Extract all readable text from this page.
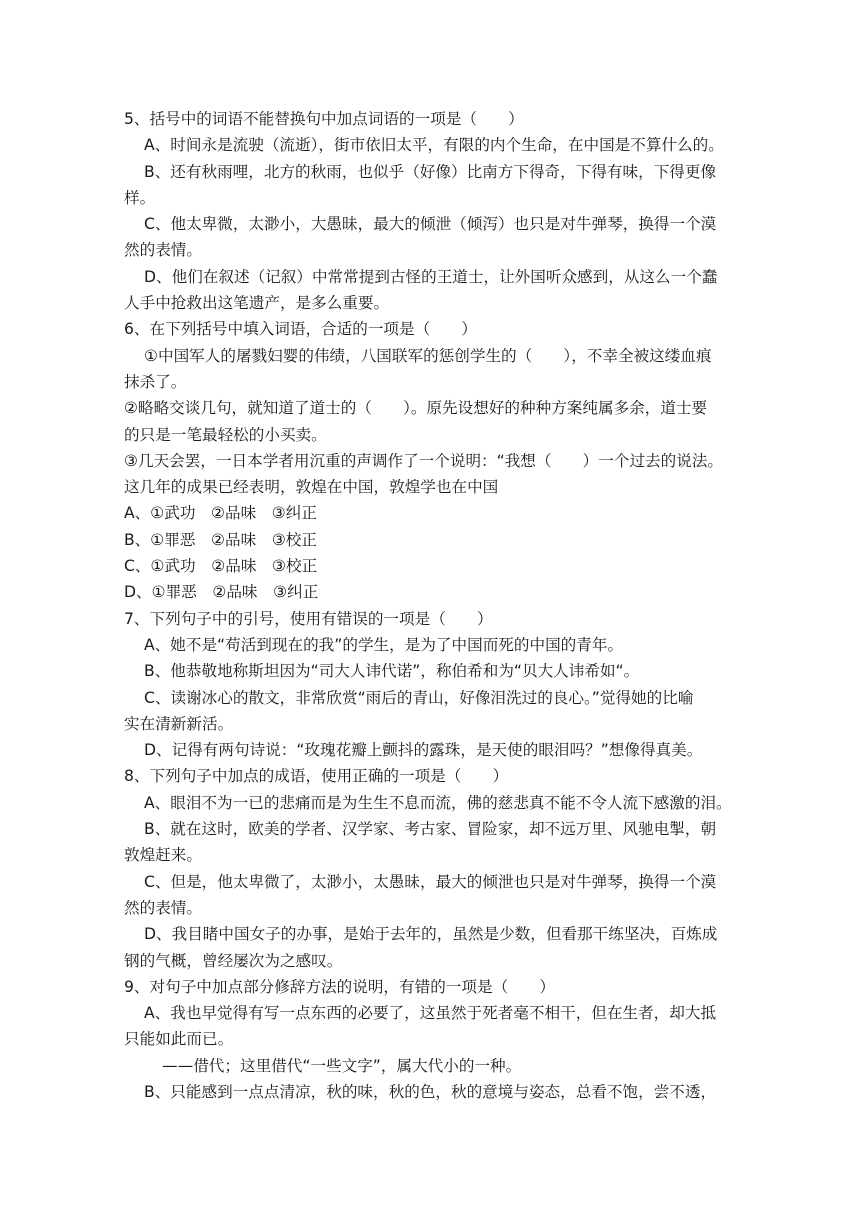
5、括号中的词语不能替换句中加点词语的一项是（　　）
A、时间永是流驶（流逝），街市依旧太平，有限的内个生命，在中国是不算什么的。
B、还有秋雨哩，北方的秋雨，也似乎（好像）比南方下得奇，下得有味，下得更像
样。
C、他太卑微，太渺小，大愚昧，最大的倾泄（倾泻）也只是对牛弹琴，换得一个漠
然的表情。
D、他们在叙述（记叙）中常常提到古怪的王道士，让外国听众感到，从这么一个蠢
人手中抢救出这笔遗产，是多么重要。
6、在下列括号中填入词语，合适的一项是（　　）
①中国军人的屠戮妇婴的伟绩，八国联军的惩创学生的（　　），不幸全被这缕血痕
抹杀了。
②略略交谈几句，就知道了道士的（　　）。原先设想好的种种方案纯属多余，道士要
的只是一笔最轻松的小买卖。
③几天会罢，一日本学者用沉重的声调作了一个说明：“我想（　　）一个过去的说法。
这几年的成果已经表明，敦煌在中国，敦煌学也在中国
A、①武功　②品味　③纠正
B、①罪恶　②品味　③校正
C、①武功　②品味　③校正
D、①罪恶　②品味　③纠正
7、下列句子中的引号，使用有错误的一项是（　　）
A、她不是“苟活到现在的我”的学生，是为了中国而死的中国的青年。
B、他恭敬地称斯坦因为“司大人讳代诺”，称伯希和为“贝大人讳希如“。
C、读谢冰心的散文，非常欣赏“雨后的青山，好像泪洗过的良心。”觉得她的比喻
实在清新新活。
D、记得有两句诗说：“玫瑰花瓣上颤抖的露珠，是天使的眼泪吗？”想像得真美。
8、下列句子中加点的成语，使用正确的一项是（　　）
A、眼泪不为一已的悲痛而是为生生不息而流，佛的慈悲真不能不令人流下感激的泪。
B、就在这时，欧美的学者、汉学家、考古家、冒险家，却不远万里、风驰电掣，朝
敦煌赶来。
C、但是，他太卑微了，太渺小，太愚昧，最大的倾泄也只是对牛弹琴，换得一个漠
然的表情。
D、我目睹中国女子的办事，是始于去年的，虽然是少数，但看那干练坚决，百炼成
钢的气概，曾经屡次为之感叹。
9、对句子中加点部分修辞方法的说明，有错的一项是（　　）
A、我也早觉得有写一点东西的必要了，这虽然于死者毫不相干，但在生者，却大抵
只能如此而已。
——借代；这里借代“一些文字”，属大代小的一种。
B、只能感到一点点清凉，秋的味，秋的色，秋的意境与姿态，总看不饱，尝不透，
